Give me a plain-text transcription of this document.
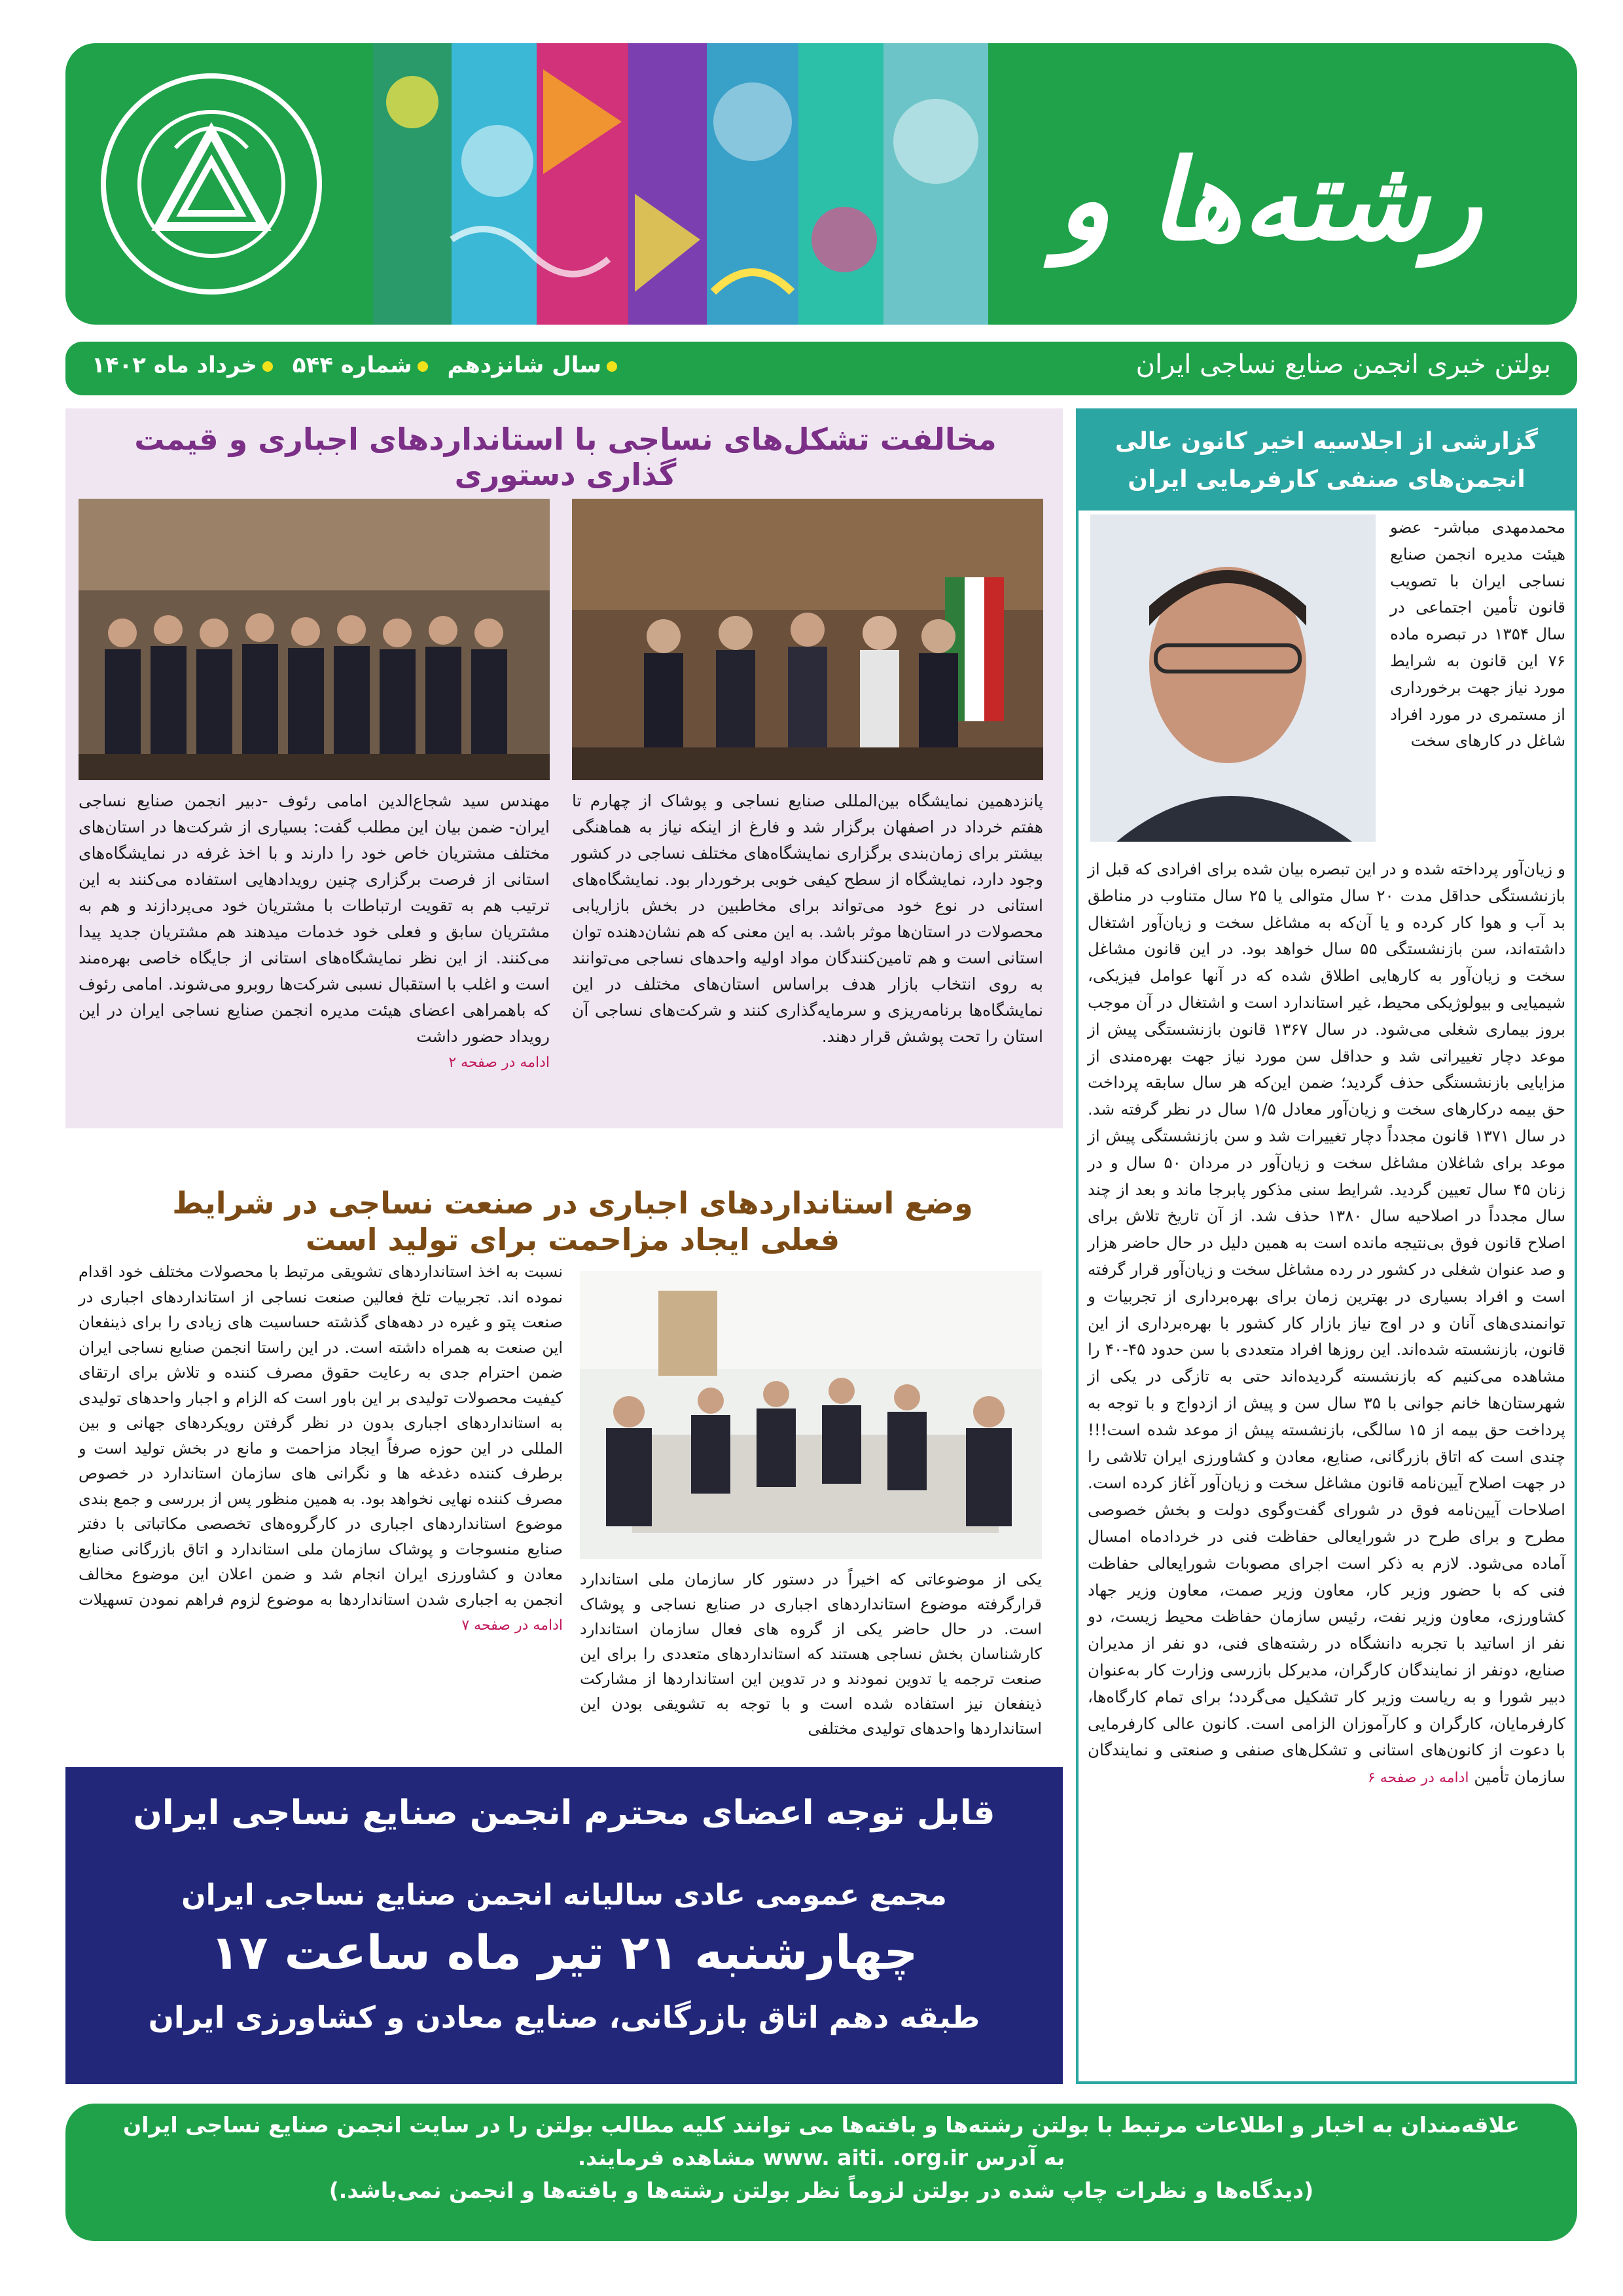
رشته‌ها و
بولتن خبری انجمن صنایع نساجی ایران
سال شانزدهم
شماره ۵۴۴
خرداد ماه ۱۴۰۲
مخالفت تشکل‌های نساجی با استانداردهای اجباری و قیمت گذاری دستوری
پانزدهمین نمایشگاه بین‌المللی صنایع نساجی و پوشاک از چهارم تا هفتم خرداد در اصفهان برگزار شد و فارغ از اینکه نیاز به هماهنگی بیشتر برای زمان‌بندی برگزاری نمایشگاه‌های مختلف نساجی در کشور وجود دارد، نمایشگاه از سطح کیفی خوبی برخوردار بود. نمایشگاه‌های استانی در نوع خود می‌تواند برای مخاطبین در بخش بازاریابی محصولات در استان‌ها موثر باشد. به این معنی که هم نشان‌دهنده توان استانی است و هم تامین‌کنندگان مواد اولیه واحدهای نساجی می‌توانند به روی انتخاب بازار هدف براساس استان‌های مختلف در این نمایشگاه‌ها برنامه‌ریزی و سرمایه‌گذاری کنند و شرکت‌های نساجی آن استان را تحت پوشش قرار دهند.
مهندس سید شجاع‌الدین امامی رئوف -دبیر انجمن صنایع نساجی ایران- ضمن بیان این مطلب گفت: بسیاری از شرکت‌ها در استان‌های مختلف مشتریان خاص خود را دارند و با اخذ غرفه در نمایشگاه‌های استانی از فرصت برگزاری چنین رویدادهایی استفاده می‌کنند به این ترتیب هم به تقویت ارتباطات با مشتریان خود می‌پردازند و هم به مشتریان سابق و فعلی خود خدمات میدهند هم مشتریان جدید پیدا می‌کنند. از این نظر نمایشگاه‌های استانی از جایگاه خاصی بهره‌مند است و اغلب با استقبال نسبی شرکت‌ها روبرو می‌شوند. امامی رئوف که باهمراهی اعضای هیئت مدیره انجمن صنایع نساجی ایران در این رویداد حضور داشت
ادامه در صفحه ۲
وضع استانداردهای اجباری در صنعت نساجی در شرایط فعلی ایجاد مزاحمت برای تولید است
یکی از موضوعاتی که اخیراً در دستور کار سازمان ملی استاندارد قرارگرفته موضوع استانداردهای اجباری در صنایع نساجی و پوشاک است. در حال حاضر یکی از گروه های فعال سازمان استاندارد کارشناسان بخش نساجی هستند که استانداردهای متعددی را برای این صنعت ترجمه یا تدوین نمودند و در تدوین این استانداردها از مشارکت ذینفعان نیز استفاده شده است و با توجه به تشویقی بودن این استانداردها واحدهای تولیدی مختلفی
نسبت به اخذ استانداردهای تشویقی مرتبط با محصولات مختلف خود اقدام نموده اند. تجربیات تلخ فعالین صنعت نساجی از استانداردهای اجباری در صنعت پتو و غیره در دهه‌های گذشته حساسیت های زیادی را برای ذینفعان این صنعت به همراه داشته است. در این راستا انجمن صنایع نساجی ایران ضمن احترام جدی به رعایت حقوق مصرف کننده و تلاش برای ارتقای کیفیت محصولات تولیدی بر این باور است که الزام و اجبار واحدهای تولیدی به استانداردهای اجباری بدون در نظر گرفتن رویکردهای جهانی و بین المللی در این حوزه صرفاً ایجاد مزاحمت و مانع در بخش تولید است و برطرف کننده دغدغه ها و نگرانی های سازمان استاندارد در خصوص مصرف کننده نهایی نخواهد بود. به همین منظور پس از بررسی و جمع بندی موضوع استانداردهای اجباری در کارگروه‌های تخصصی مکاتباتی با دفتر صنایع منسوجات و پوشاک سازمان ملی استاندارد و اتاق بازرگانی صنایع معادن و کشاورزی ایران انجام شد و ضمن اعلان این موضوع مخالف انجمن به اجباری شدن استانداردها به موضوع لزوم فراهم نمودن تسهیلات ادامه در صفحه ۷
گزارشی از اجلاسیه اخیر کانون عالی انجمن‌های صنفی کارفرمایی ایران
محمدمهدی مباشر- عضو هیئت مدیره انجمن صنایع نساجی ایران با تصویب قانون تأمین اجتماعی در سال ۱۳۵۴ در تبصره ماده ۷۶ این قانون به شرایط مورد نیاز جهت برخورداری از مستمری در مورد افراد شاغل در کارهای سخت
و زیان‌آور پرداخته شده و در این تبصره بیان شده برای افرادی که قبل از بازنشستگی حداقل مدت ۲۰ سال متوالی یا ۲۵ سال متناوب در مناطق بد آب و هوا کار کرده و یا آن‌که به مشاغل سخت و زیان‌آور اشتغال داشته‌اند، سن بازنشستگی ۵۵ سال خواهد بود. در این قانون مشاغل سخت و زیان‌آور به کارهایی اطلاق شده که در آنها عوامل فیزیکی، شیمیایی و بیولوژیکی محیط، غیر استاندارد است و اشتغال در آن موجب بروز بیماری شغلی می‌شود. در سال ۱۳۶۷ قانون بازنشستگی پیش از موعد دچار تغییراتی شد و حداقل سن مورد نیاز جهت بهره‌مندی از مزایایی بازنشستگی حذف گردید؛ ضمن این‌که هر سال سابقه پرداخت حق بیمه درکارهای سخت و زیان‌آور معادل ۱/۵ سال در نظر گرفته شد. در سال ۱۳۷۱ قانون مجدداً دچار تغییرات شد و سن بازنشستگی پیش از موعد برای شاغلان مشاغل سخت و زیان‌آور در مردان ۵۰ سال و در زنان ۴۵ سال تعیین گردید. شرایط سنی مذکور پابرجا ماند و بعد از چند سال مجدداً در اصلاحیه سال ۱۳۸۰ حذف شد. از آن تاریخ تلاش برای اصلاح قانون فوق بی‌نتیجه مانده است به همین دلیل در حال حاضر هزار و صد عنوان شغلی در کشور در رده مشاغل سخت و زیان‌آور قرار گرفته است و افراد بسیاری در بهترین زمان برای بهره‌برداری از تجربیات و توانمندی‌های آنان و در اوج نیاز بازار کار کشور با بهره‌برداری از این قانون، بازنشسته شده‌اند. این روزها افراد متعددی با سن حدود ۴۵-۴۰ را مشاهده می‌کنیم که بازنشسته گردیده‌اند حتی به تازگی در یکی از شهرستان‌ها خانم جوانی با ۳۵ سال سن و پیش از ازدواج و با توجه به پرداخت حق بیمه از ۱۵ سالگی، بازنشسته پیش از موعد شده است!!! چندی است که اتاق بازرگانی، صنایع، معادن و کشاورزی ایران تلاشی را در جهت اصلاح آیین‌نامه قانون مشاغل سخت و زیان‌آور آغاز کرده است. اصلاحات آیین‌نامه فوق در شورای گفت‌وگوی دولت و بخش خصوصی مطرح و برای طرح در شورایعالی حفاظت فنی در خردادماه امسال آماده می‌شود. لازم به ذکر است اجرای مصوبات شورایعالی حفاظت فنی که با حضور وزیر کار، معاون وزیر صمت، معاون وزیر جهاد کشاورزی، معاون وزیر نفت، رئیس سازمان حفاظت محیط زیست، دو نفر از اساتید با تجربه دانشگاه در رشته‌های فنی، دو نفر از مدیران صنایع، دونفر از نمایندگان کارگران، مدیرکل بازرسی وزارت کار به‌عنوان دبیر شورا و به ریاست وزیر کار تشکیل می‌گردد؛ برای تمام کارگاه‌ها، کارفرمایان، کارگران و کارآموزان الزامی است. کانون عالی کارفرمایی با دعوت از کانون‌های استانی و تشکل‌های صنفی و صنعتی و نمایندگان سازمان تأمین ادامه در صفحه ۶
قابل توجه اعضای محترم انجمن صنایع نساجی ایران
مجمع عمومی عادی سالیانه انجمن صنایع نساجی ایران
چهارشنبه ۲۱ تیر ماه ساعت ۱۷
طبقه دهم اتاق بازرگانی، صنایع معادن و کشاورزی ایران
علاقه‌مندان به اخبار و اطلاعات مرتبط با بولتن رشته‌ها و بافته‌ها می توانند کلیه مطالب بولتن را در سایت انجمن صنایع نساجی ایران
به آدرس www. aiti. .org.ir مشاهده فرمایند.
(دیدگاه‌ها و نظرات چاپ شده در بولتن لزوماً نظر بولتن رشته‌ها و بافته‌ها و انجمن نمی‌باشد.)
